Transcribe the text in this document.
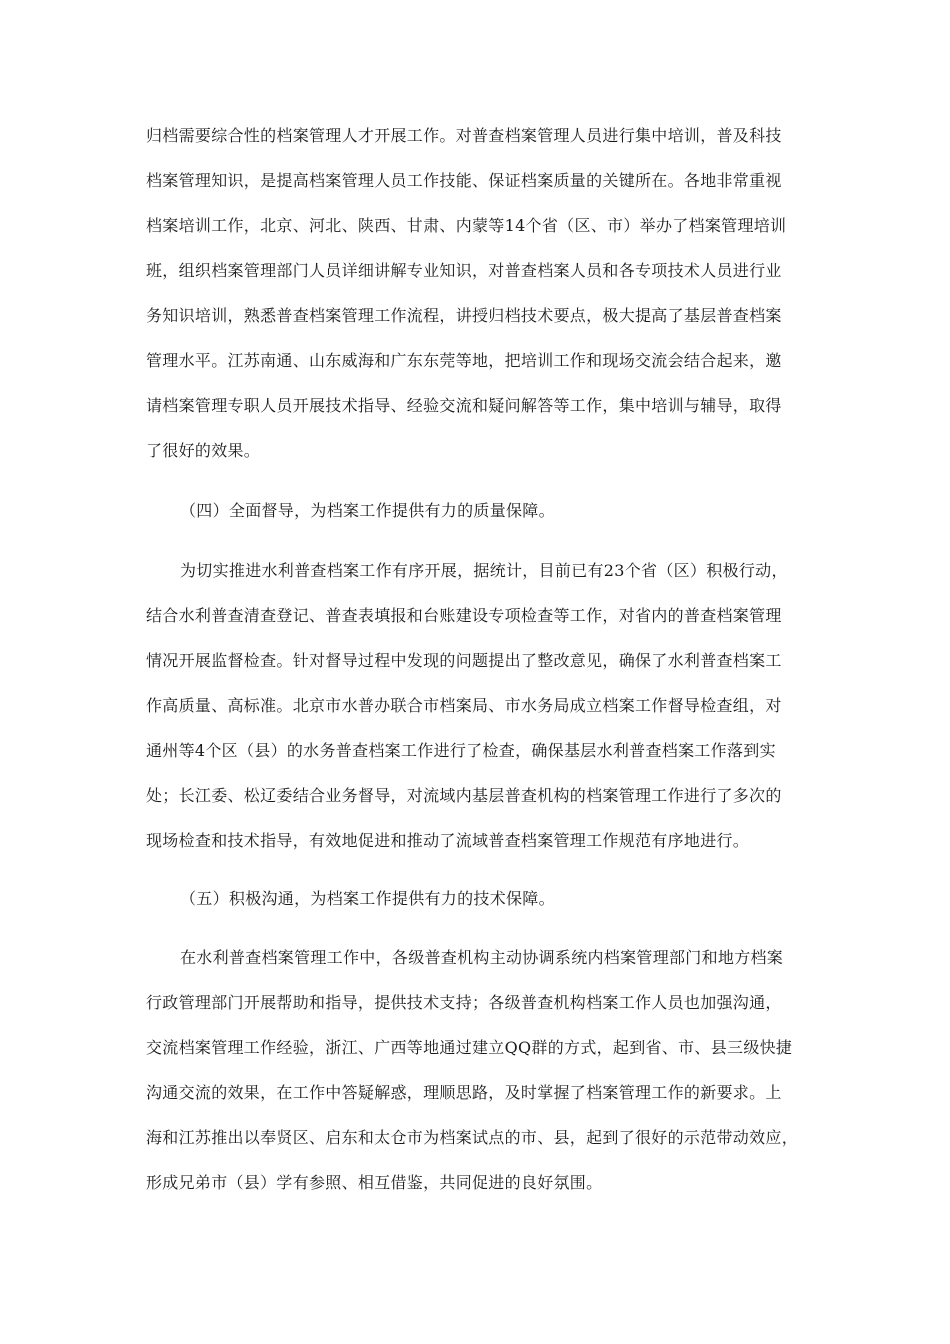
归档需要综合性的档案管理人才开展工作。对普查档案管理人员进行集中培训，普及科技
档案管理知识，是提高档案管理人员工作技能、保证档案质量的关键所在。各地非常重视
档案培训工作，北京、河北、陕西、甘肃、内蒙等14个省（区、市）举办了档案管理培训
班，组织档案管理部门人员详细讲解专业知识，对普查档案人员和各专项技术人员进行业
务知识培训，熟悉普查档案管理工作流程，讲授归档技术要点，极大提高了基层普查档案
管理水平。江苏南通、山东威海和广东东莞等地，把培训工作和现场交流会结合起来，邀
请档案管理专职人员开展技术指导、经验交流和疑问解答等工作，集中培训与辅导，取得
了很好的效果。
（四）全面督导，为档案工作提供有力的质量保障。
为切实推进水利普查档案工作有序开展，据统计，目前已有23个省（区）积极行动，
结合水利普查清查登记、普查表填报和台账建设专项检查等工作，对省内的普查档案管理
情况开展监督检查。针对督导过程中发现的问题提出了整改意见，确保了水利普查档案工
作高质量、高标准。北京市水普办联合市档案局、市水务局成立档案工作督导检查组，对
通州等4个区（县）的水务普查档案工作进行了检查，确保基层水利普查档案工作落到实
处；长江委、松辽委结合业务督导，对流域内基层普查机构的档案管理工作进行了多次的
现场检查和技术指导，有效地促进和推动了流域普查档案管理工作规范有序地进行。
（五）积极沟通，为档案工作提供有力的技术保障。
在水利普查档案管理工作中，各级普查机构主动协调系统内档案管理部门和地方档案
行政管理部门开展帮助和指导，提供技术支持；各级普查机构档案工作人员也加强沟通，
交流档案管理工作经验，浙江、广西等地通过建立QQ群的方式，起到省、市、县三级快捷
沟通交流的效果，在工作中答疑解惑，理顺思路，及时掌握了档案管理工作的新要求。上
海和江苏推出以奉贤区、启东和太仓市为档案试点的市、县，起到了很好的示范带动效应，
形成兄弟市（县）学有参照、相互借鉴，共同促进的良好氛围。
